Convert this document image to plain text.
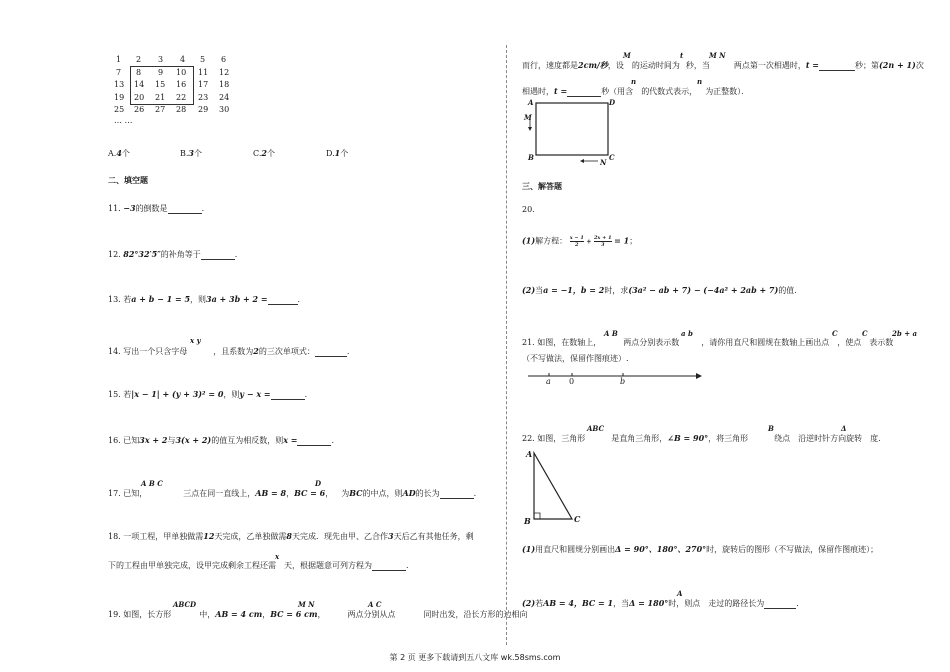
1 2 3 4 5 6
7 8 9 10 11 12
13 14 15 16 17 18
19 20 21 22 23 24
25 26 27 28 29 30
… …
A.4个	B.3个	C.2个	D.1个
二、填空题
11. −3的倒数是	.
12. 82°32′5″的补角等于	.
13. 若a + b − 1 = 5，则3a + 3b + 2 =	.
x y
14. 写出一个只含字母	，且系数为2的三次单项式：	.
15. 若|x − 1| + (y + 3)² = 0，则y − x =	.
16. 已知3x + 2与3(x + 2)的值互为相反数，则x =	.
A B C	D
17. 已知，	三点在同一直线上，AB = 8，BC = 6， 为BC的中点，则AD的长为	.
18. 一项工程，甲单独做需12天完成，乙单独做需8天完成．现先由甲、乙合作3天后乙有其他任务，剩
x
下的工程由甲单独完成，设甲完成剩余工程还需 天，根据题意可列方程为	.
ABCD	M N	A C
19. 如图，长方形	中，AB = 4 cm，BC = 6 cm，	两点分别从点	同时出发，沿长方形的边相向
M	t	M N
而行，速度都是2cm/秒，设 的运动时间为 秒，当	两点第一次相遇时，t =	秒；第(2n + 1)次
n	n
相遇时，t =	秒（用含 的代数式表示， 为正整数）．
A	D
M
B	C
N
三、解答题
20.
(1)解方程： $\frac{x - 1}{2} + \frac{2x + 1}{3} = 1$；
(2)当a = −1，b = 2时，求(3a² − ab + 7) − (−4a² + 2ab + 7)的值.
A B	a b	C	C	2b + a
21. 如图，在数轴上，	两点分别表示数	，请你用直尺和圆规在数轴上画出点 ，使点 表示数
（不写做法，保留作图痕迹）.
a 0	b
ABC	B	Δ
22. 如图，三角形	是直角三角形，∠B = 90°，将三角形	绕点 沿逆时针方向旋转 度.
A
B	C
(1)用直尺和圆规分别画出Δ = 90°、180°、270°时，旋转后的图形（不写做法，保留作图痕迹）；
A
(2)若AB = 4，BC = 1，当Δ = 180°时，则点 走过的路径长为	.
第 2 页 更多下载请到五八文库 wk.58sms.com
